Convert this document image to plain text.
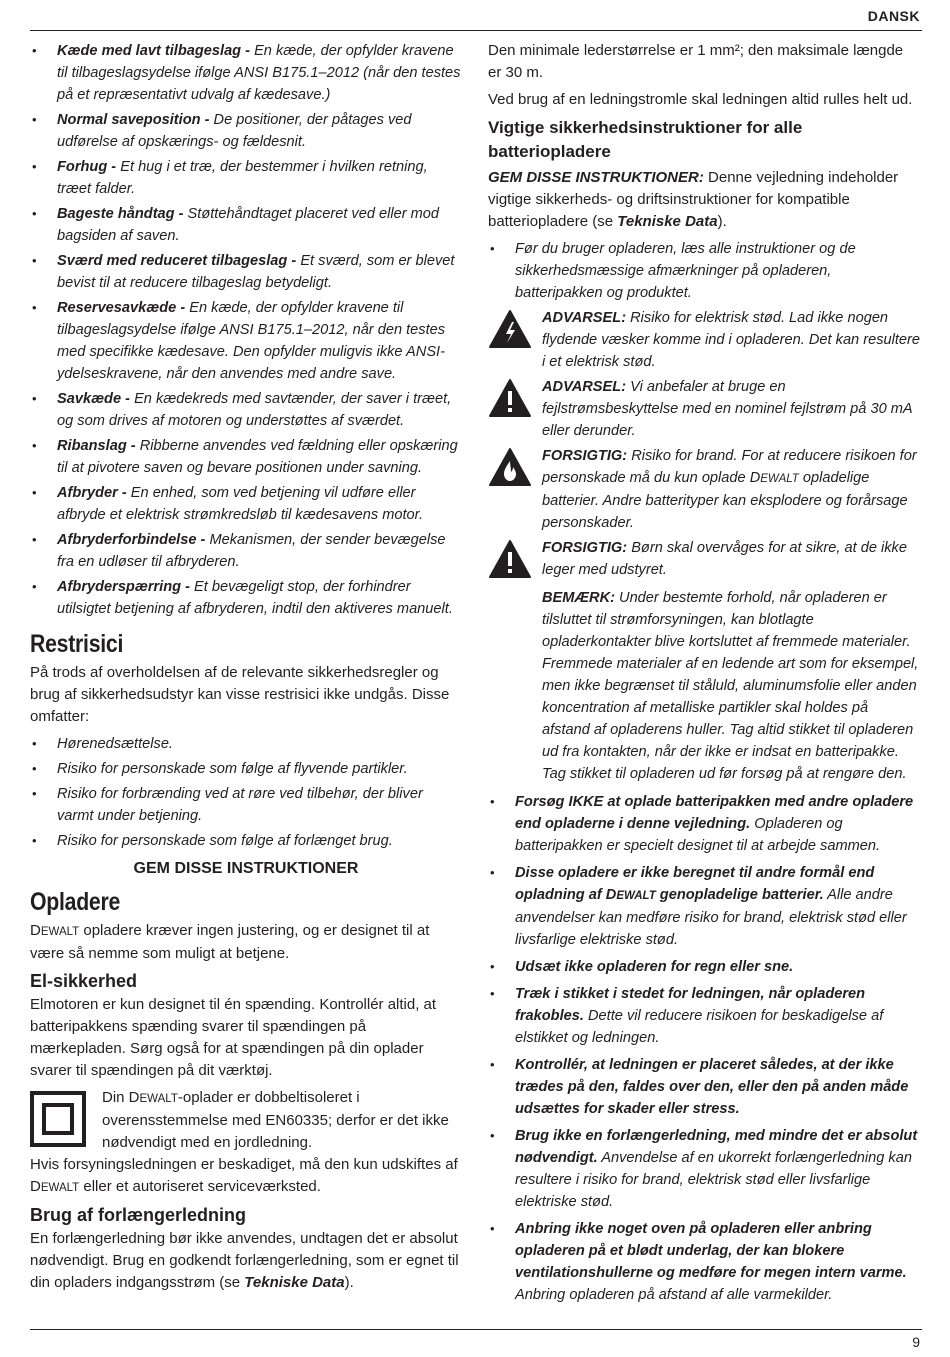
DANSK
• Kæde med lavt tilbageslag - En kæde, der opfylder kravene til tilbageslagsydelse ifølge ANSI B175.1–2012 (når den testes på et repræsentativt udvalg af kædesave.)
• Normal saveposition - De positioner, der påtages ved udførelse af opskærings- og fældesnit.
• Forhug - Et hug i et træ, der bestemmer i hvilken retning, træet falder.
• Bageste håndtag - Støttehåndtaget placeret ved eller mod bagsiden af saven.
• Sværd med reduceret tilbageslag - Et sværd, som er blevet bevist til at reducere tilbageslag betydeligt.
• Reservesavkæde - En kæde, der opfylder kravene til tilbageslagsydelse ifølge ANSI B175.1–2012, når den testes med specifikke kædesave. Den opfylder muligvis ikke ANSI-ydelseskravene, når den anvendes med andre save.
• Savkæde - En kædekreds med savtænder, der saver i træet, og som drives af motoren og understøttes af sværdet.
• Ribanslag - Ribberne anvendes ved fældning eller opskæring til at pivotere saven og bevare positionen under savning.
• Afbryder - En enhed, som ved betjening vil udføre eller afbryde et elektrisk strømkredsløb til kædesavens motor.
• Afbryderforbindelse - Mekanismen, der sender bevægelse fra en udløser til afbryderen.
• Afbryderspærring - Et bevægeligt stop, der forhindrer utilsigtet betjening af afbryderen, indtil den aktiveres manuelt.
Restrisici

På trods af overholdelsen af de relevante sikkerhedsregler og brug af sikkerhedsudstyr kan visse restrisici ikke undgås. Disse omfatter:

• Hørenedsættelse.
• Risiko for personskade som følge af flyvende partikler.
• Risiko for forbrænding ved at røre ved tilbehør, der bliver varmt under betjening.
• Risiko for personskade som følge af forlænget brug.
GEM DISSE INSTRUKTIONER
Opladere

DEWALT opladere kræver ingen justering, og er designet til at være så nemme som muligt at betjene.

El-sikkerhed

Elmotoren er kun designet til én spænding. Kontrollér altid, at batteripakkens spænding svarer til spændingen på mærkepladen. Sørg også for at spændingen på din oplader svarer til spændingen på dit værktøj.

Din DEWALT-oplader er dobbeltisoleret i overensstemmelse med EN60335; derfor er det ikke nødvendigt med en jordledning.

Hvis forsyningsledningen er beskadiget, må den kun udskiftes af DEWALT eller et autoriseret serviceværksted.

Brug af forlængerledning

En forlængerledning bør ikke anvendes, undtagen det er absolut nødvendigt. Brug en godkendt forlængerledning, som er egnet til din opladers indgangsstrøm (se Tekniske Data).

Den minimale lederstørrelse er 1 mm²; den maksimale længde er 30 m.

Ved brug af en ledningstromle skal ledningen altid rulles helt ud.

Vigtige sikkerhedsinstruktioner for alle batteriopladere

GEM DISSE INSTRUKTIONER: Denne vejledning indeholder vigtige sikkerheds- og driftsinstruktioner for kompatible batteriopladere (se Tekniske Data).

• Før du bruger opladeren, læs alle instruktioner og de sikkerhedsmæssige afmærkninger på opladeren, batteripakken og produktet.
ADVARSEL: Risiko for elektrisk stød. Lad ikke nogen flydende væsker komme ind i opladeren. Det kan resultere i et elektrisk stød.
ADVARSEL: Vi anbefaler at bruge en fejlstrømsbeskyttelse med en nominel fejlstrøm på 30 mA eller derunder.
FORSIGTIG: Risiko for brand. For at reducere risikoen for personskade må du kun oplade DEWALT opladelige batterier. Andre batterityper kan eksplodere og forårsage personskader.
FORSIGTIG: Børn skal overvåges for at sikre, at de ikke leger med udstyret.
BEMÆRK: Under bestemte forhold, når opladeren er tilsluttet til strømforsyningen, kan blotlagte opladerkontakter blive kortsluttet af fremmede materialer. Fremmede materialer af en ledende art som for eksempel, men ikke begrænset til ståluld, aluminumsfolie eller anden koncentration af metalliske partikler skal holdes på afstand af opladerens huller. Tag altid stikket til opladeren ud fra kontakten, når der ikke er indsat en batteripakke. Tag stikket til opladeren ud før forsøg på at rengøre den.
• Forsøg IKKE at oplade batteripakken med andre opladere end opladerne i denne vejledning. Opladeren og batteripakken er specielt designet til at arbejde sammen.
• Disse opladere er ikke beregnet til andre formål end opladning af DEWALT genopladelige batterier. Alle andre anvendelser kan medføre risiko for brand, elektrisk stød eller livsfarlige elektriske stød.
• Udsæt ikke opladeren for regn eller sne.
• Træk i stikket i stedet for ledningen, når opladeren frakobles. Dette vil reducere risikoen for beskadigelse af elstikket og ledningen.
• Kontrollér, at ledningen er placeret således, at der ikke trædes på den, faldes over den, eller den på anden måde udsættes for skader eller stress.
• Brug ikke en forlængerledning, med mindre det er absolut nødvendigt. Anvendelse af en ukorrekt forlængerledning kan resultere i risiko for brand, elektrisk stød eller livsfarlige elektriske stød.
• Anbring ikke noget oven på opladeren eller anbring opladeren på et blødt underlag, der kan blokere ventilationshullerne og medføre for megen intern varme. Anbring opladeren på afstand af alle varmekilder.
9
